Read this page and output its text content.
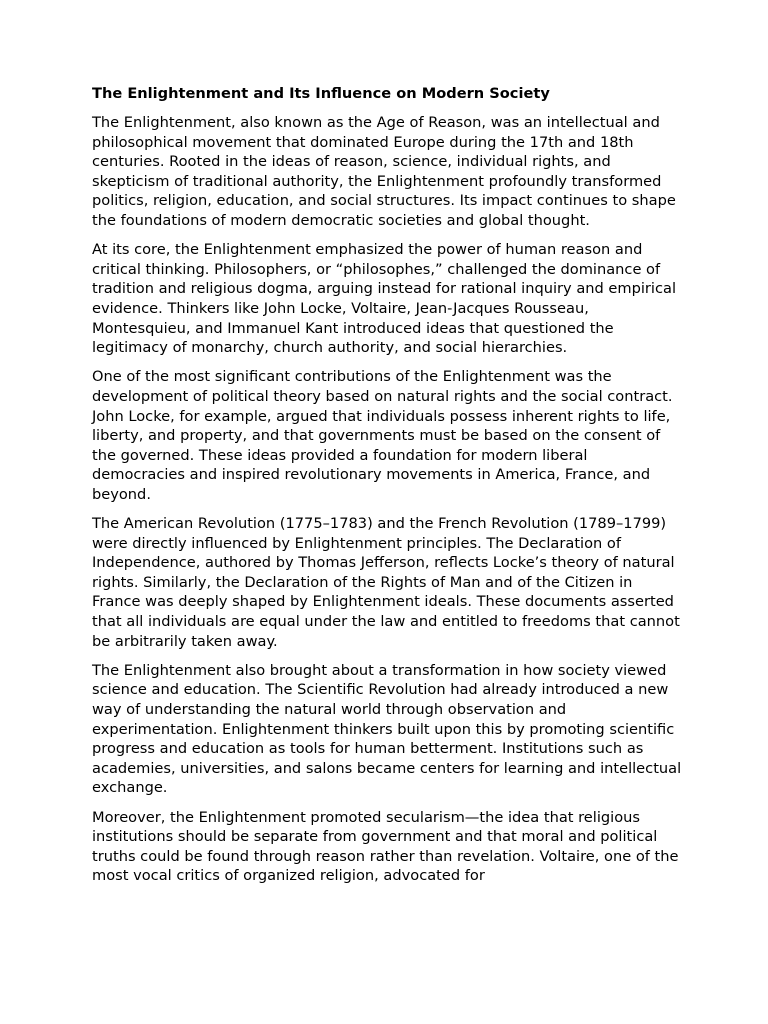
The Enlightenment and Its Influence on Modern Society

The Enlightenment, also known as the Age of Reason, was an intellectual and philosophical movement that dominated Europe during the 17th and 18th centuries. Rooted in the ideas of reason, science, individual rights, and skepticism of traditional authority, the Enlightenment profoundly transformed politics, religion, education, and social structures. Its impact continues to shape the foundations of modern democratic societies and global thought.

At its core, the Enlightenment emphasized the power of human reason and critical thinking. Philosophers, or “philosophes,” challenged the dominance of tradition and religious dogma, arguing instead for rational inquiry and empirical evidence. Thinkers like John Locke, Voltaire, Jean-Jacques Rousseau, Montesquieu, and Immanuel Kant introduced ideas that questioned the legitimacy of monarchy, church authority, and social hierarchies.

One of the most significant contributions of the Enlightenment was the development of political theory based on natural rights and the social contract. John Locke, for example, argued that individuals possess inherent rights to life, liberty, and property, and that governments must be based on the consent of the governed. These ideas provided a foundation for modern liberal democracies and inspired revolutionary movements in America, France, and beyond.

The American Revolution (1775–1783) and the French Revolution (1789–1799) were directly influenced by Enlightenment principles. The Declaration of Independence, authored by Thomas Jefferson, reflects Locke’s theory of natural rights. Similarly, the Declaration of the Rights of Man and of the Citizen in France was deeply shaped by Enlightenment ideals. These documents asserted that all individuals are equal under the law and entitled to freedoms that cannot be arbitrarily taken away.

The Enlightenment also brought about a transformation in how society viewed science and education. The Scientific Revolution had already introduced a new way of understanding the natural world through observation and experimentation. Enlightenment thinkers built upon this by promoting scientific progress and education as tools for human betterment. Institutions such as academies, universities, and salons became centers for learning and intellectual exchange.

Moreover, the Enlightenment promoted secularism—the idea that religious institutions should be separate from government and that moral and political truths could be found through reason rather than revelation. Voltaire, one of the most vocal critics of organized religion, advocated for
